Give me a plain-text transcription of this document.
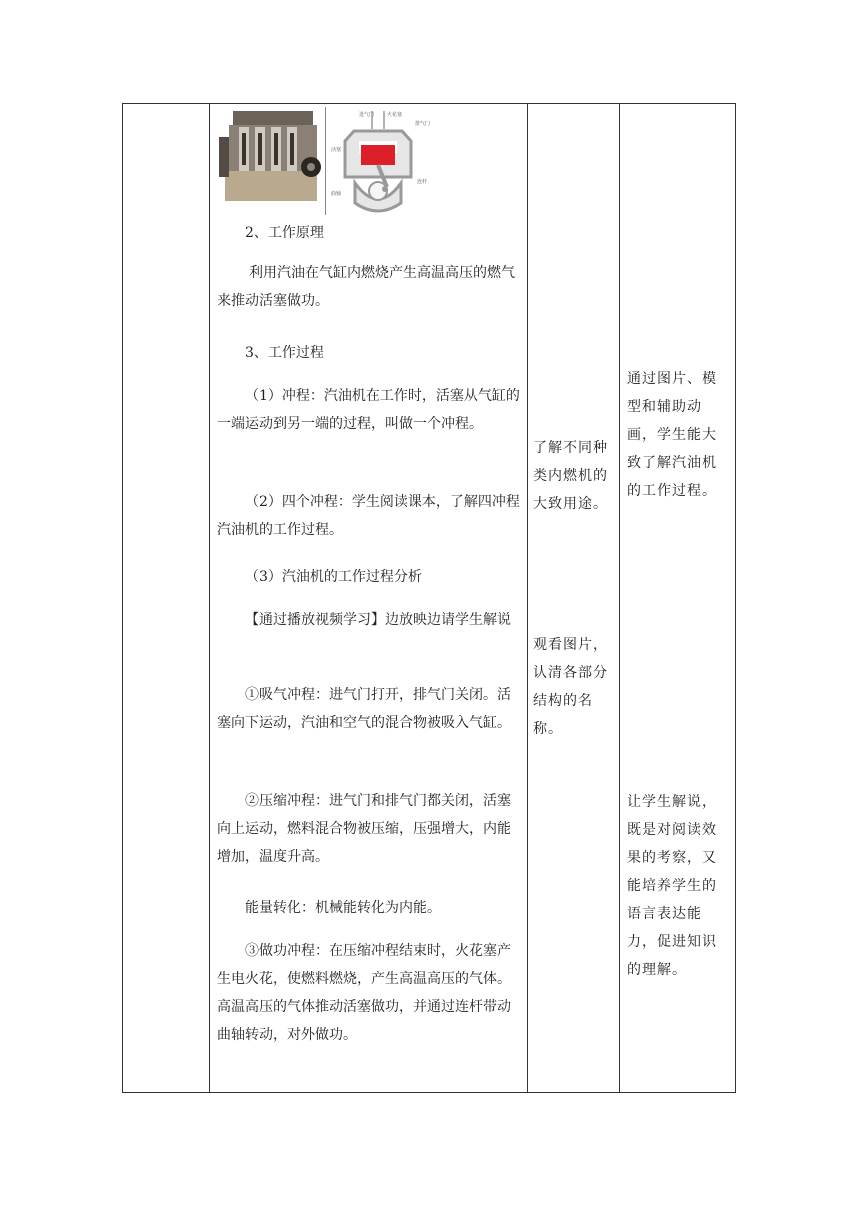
进气门
排气门
火花塞
活塞
连杆
曲轴

2、工作原理

利用汽油在气缸内燃烧产生高温高压的燃气来推动活塞做功。

3、工作过程

（1）冲程：汽油机在工作时，活塞从气缸的一端运动到另一端的过程，叫做一个冲程。

（2）四个冲程：学生阅读课本，了解四冲程汽油机的工作过程。

（3）汽油机的工作过程分析

【通过播放视频学习】边放映边请学生解说

①吸气冲程：进气门打开，排气门关闭。活塞向下运动，汽油和空气的混合物被吸入气缸。

②压缩冲程：进气门和排气门都关闭，活塞向上运动，燃料混合物被压缩，压强增大，内能增加，温度升高。

能量转化：机械能转化为内能。

③做功冲程：在压缩冲程结束时，火花塞产生电火花，使燃料燃烧，产生高温高压的气体。高温高压的气体推动活塞做功，并通过连杆带动曲轴转动，对外做功。

了解不同种类内燃机的大致用途。

观看图片，认清各部分结构的名称。

通过图片、模型和辅助动画，学生能大致了解汽油机的工作过程。

让学生解说，既是对阅读效果的考察，又能培养学生的语言表达能力，促进知识的理解。
